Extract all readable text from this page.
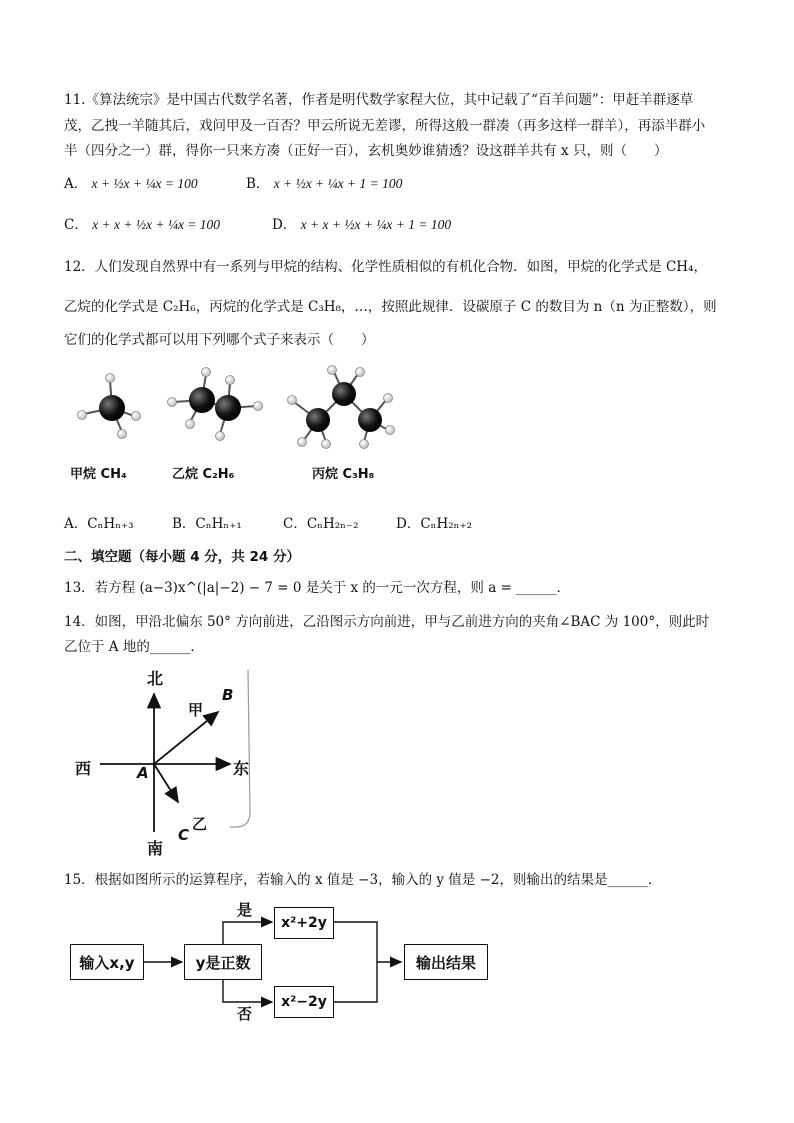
11.《算法统宗》是中国古代数学名著，作者是明代数学家程大位，其中记载了“百羊问题”：甲赶羊群逐草
茂，乙拽一羊随其后，戏问甲及一百否？甲云所说无差谬，所得这般一群凑（再多这样一群羊），再添半群小
半（四分之一）群，得你一只来方凑（正好一百），玄机奥妙谁猜透？设这群羊共有 x 只，则（　　）
A． x + ½x + ¼x = 100	B． x + ½x + ¼x + 1 = 100
C． x + x + ½x + ¼x = 100	D． x + x + ½x + ¼x + 1 = 100
12．人们发现自然界中有一系列与甲烷的结构、化学性质相似的有机化合物．如图，甲烷的化学式是 CH₄，
乙烷的化学式是 C₂H₆，丙烷的化学式是 C₃H₈，…，按照此规律．设碳原子 C 的数目为 n（n 为正整数），则
它们的化学式都可以用下列哪个式子来表示（　　）
甲烷 CH₄	乙烷 C₂H₆	丙烷 C₃H₈
A．CₙHₙ₊₃	B．CₙHₙ₊₁	C．CₙH₂ₙ₋₂	D．CₙH₂ₙ₊₂
二、填空题（每小题 4 分，共 24 分）
13．若方程 (a−3)x^(|a|−2) − 7 = 0 是关于 x 的一元一次方程，则 a = ______．
14．如图，甲沿北偏东 50° 方向前进，乙沿图示方向前进，甲与乙前进方向的夹角∠BAC 为 100°，则此时
乙位于 A 地的______．
北
南
西	东
甲
乙
A
B
C
15．根据如图所示的运算程序，若输入的 x 值是 −3，输入的 y 值是 −2，则输出的结果是______．
输入x,y	y是正数
x²+2y
x²−2y
输出结果
是
否
